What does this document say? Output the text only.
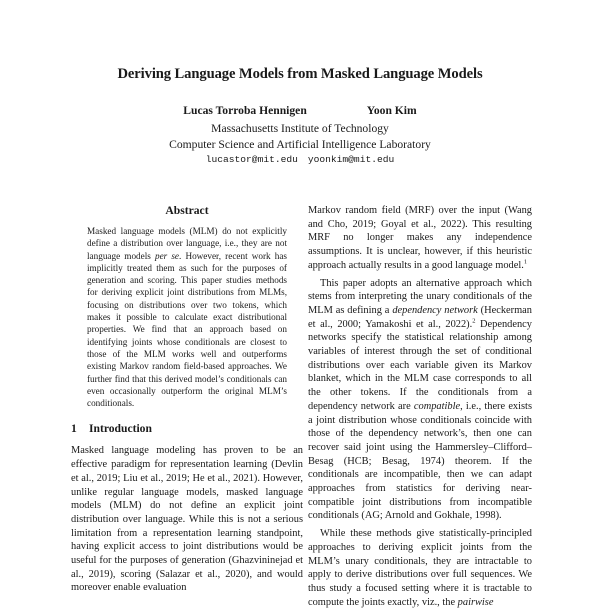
Deriving Language Models from Masked Language Models
Lucas Torroba Hennigen	Yoon Kim
Massachusetts Institute of Technology
Computer Science and Artificial Intelligence Laboratory
lucastor@mit.edu yoonkim@mit.edu
Abstract

Masked language models (MLM) do not explicitly define a distribution over language, i.e., they are not language models per se. However, recent work has implicitly treated them as such for the purposes of generation and scoring. This paper studies methods for deriving explicit joint distributions from MLMs, focusing on distributions over two tokens, which makes it possible to calculate exact distributional properties. We find that an approach based on identifying joints whose conditionals are closest to those of the MLM works well and outperforms existing Markov random field-based approaches. We further find that this derived model’s conditionals can even occasionally outperform the original MLM’s conditionals.

1 Introduction

Masked language modeling has proven to be an effective paradigm for representation learning (Devlin et al., 2019; Liu et al., 2019; He et al., 2021). However, unlike regular language models, masked language models (MLM) do not define an explicit joint distribution over language. While this is not a serious limitation from a representation learning standpoint, having explicit access to joint distributions would be useful for the purposes of generation (Ghazvininejad et al., 2019), scoring (Salazar et al., 2020), and would moreover enable evaluation

Markov random field (MRF) over the input (Wang and Cho, 2019; Goyal et al., 2022). This resulting MRF no longer makes any independence assumptions. It is unclear, however, if this heuristic approach actually results in a good language model.$^1$

This paper adopts an alternative approach which stems from interpreting the unary conditionals of the MLM as defining a dependency network (Heckerman et al., 2000; Yamakoshi et al., 2022).$^2$ Dependency networks specify the statistical relationship among variables of interest through the set of conditional distributions over each variable given its Markov blanket, which in the MLM case corresponds to all the other tokens. If the conditionals from a dependency network are compatible, i.e., there exists a joint distribution whose conditionals coincide with those of the dependency network’s, then one can recover said joint using the Hammersley–Clifford–Besag (HCB; Besag, 1974) theorem. If the conditionals are incompatible, then we can adapt approaches from statistics for deriving near-compatible joint distributions from incompatible conditionals (AG; Arnold and Gokhale, 1998).

While these methods give statistically-principled approaches to deriving explicit joints from the MLM’s unary conditionals, they are intractable to apply to derive distributions over full sequences. We thus study a focused setting where it is tractable to compute the joints exactly, viz., the pairwise
